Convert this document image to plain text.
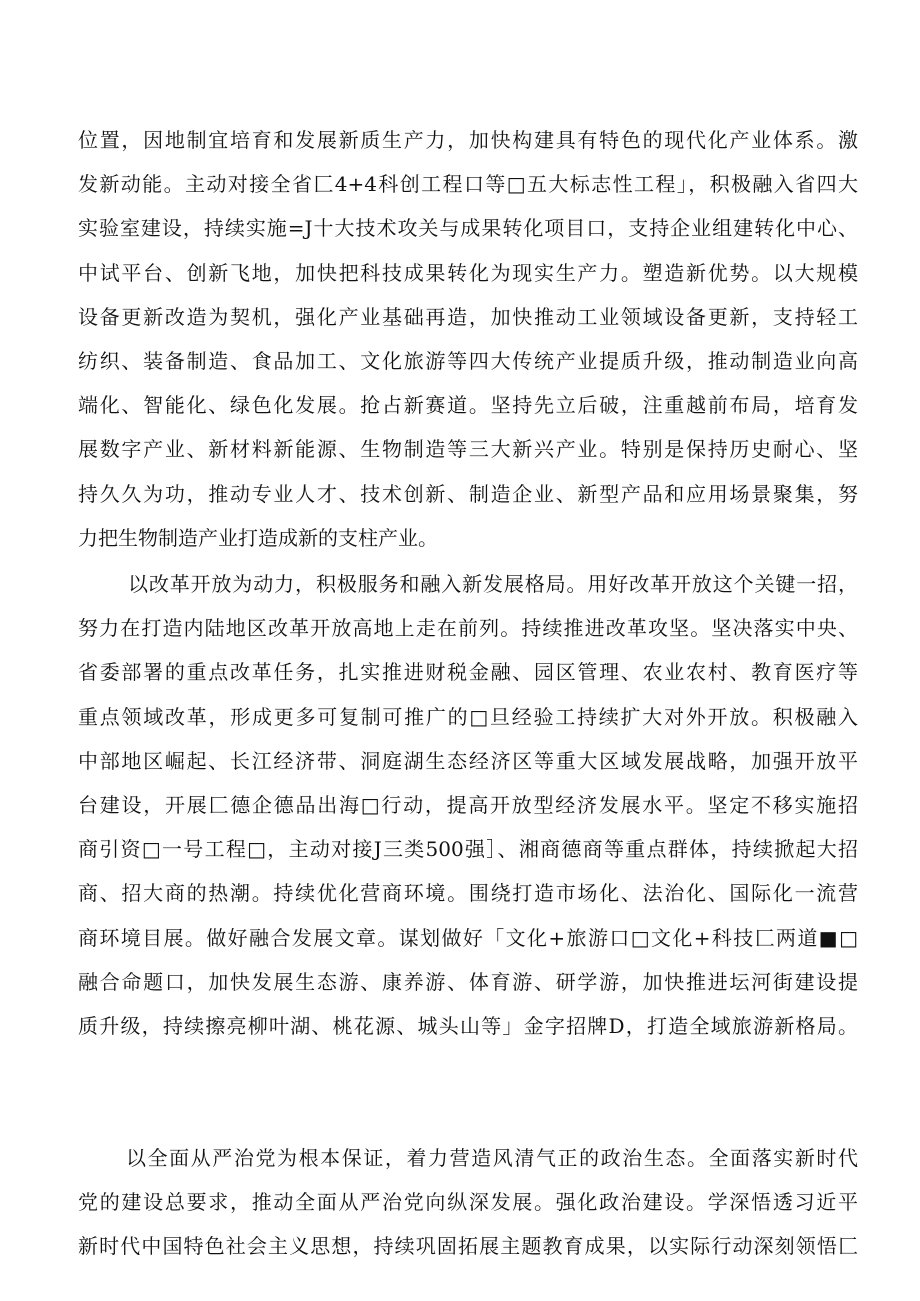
位置，因地制宜培育和发展新质生产力，加快构建具有特色的现代化产业体系。激
发新动能。主动对接全省匚4+4科创工程口等□五大标志性工程」，积极融入省四大
实验室建设，持续实施=J十大技术攻关与成果转化项目口，支持企业组建转化中心、
中试平台、创新飞地，加快把科技成果转化为现实生产力。塑造新优势。以大规模
设备更新改造为契机，强化产业基础再造，加快推动工业领域设备更新，支持轻工
纺织、装备制造、食品加工、文化旅游等四大传统产业提质升级，推动制造业向高
端化、智能化、绿色化发展。抢占新赛道。坚持先立后破，注重越前布局，培育发
展数字产业、新材料新能源、生物制造等三大新兴产业。特别是保持历史耐心、坚
持久久为功，推动专业人才、技术创新、制造企业、新型产品和应用场景聚集，努
力把生物制造产业打造成新的支柱产业。
以改革开放为动力，积极服务和融入新发展格局。用好改革开放这个关键一招，
努力在打造内陆地区改革开放高地上走在前列。持续推进改革攻坚。坚决落实中央、
省委部署的重点改革任务，扎实推进财税金融、园区管理、农业农村、教育医疗等
重点领域改革，形成更多可复制可推广的□旦经验工持续扩大对外开放。积极融入
中部地区崛起、长江经济带、洞庭湖生态经济区等重大区域发展战略，加强开放平
台建设，开展匚德企德品出海□行动，提高开放型经济发展水平。坚定不移实施招
商引资□一号工程□，主动对接J三类500强］、湘商德商等重点群体，持续掀起大招
商、招大商的热潮。持续优化营商环境。围绕打造市场化、法治化、国际化一流营
商环境目展。做好融合发展文章。谋划做好「文化+旅游口□文化+科技匚两道■□
融合命题口，加快发展生态游、康养游、体育游、研学游，加快推进坛河街建设提
质升级，持续擦亮柳叶湖、桃花源、城头山等」金字招牌D，打造全域旅游新格局。
以全面从严治党为根本保证，着力营造风清气正的政治生态。全面落实新时代
党的建设总要求，推动全面从严治党向纵深发展。强化政治建设。学深悟透习近平
新时代中国特色社会主义思想，持续巩固拓展主题教育成果，以实际行动深刻领悟匚
